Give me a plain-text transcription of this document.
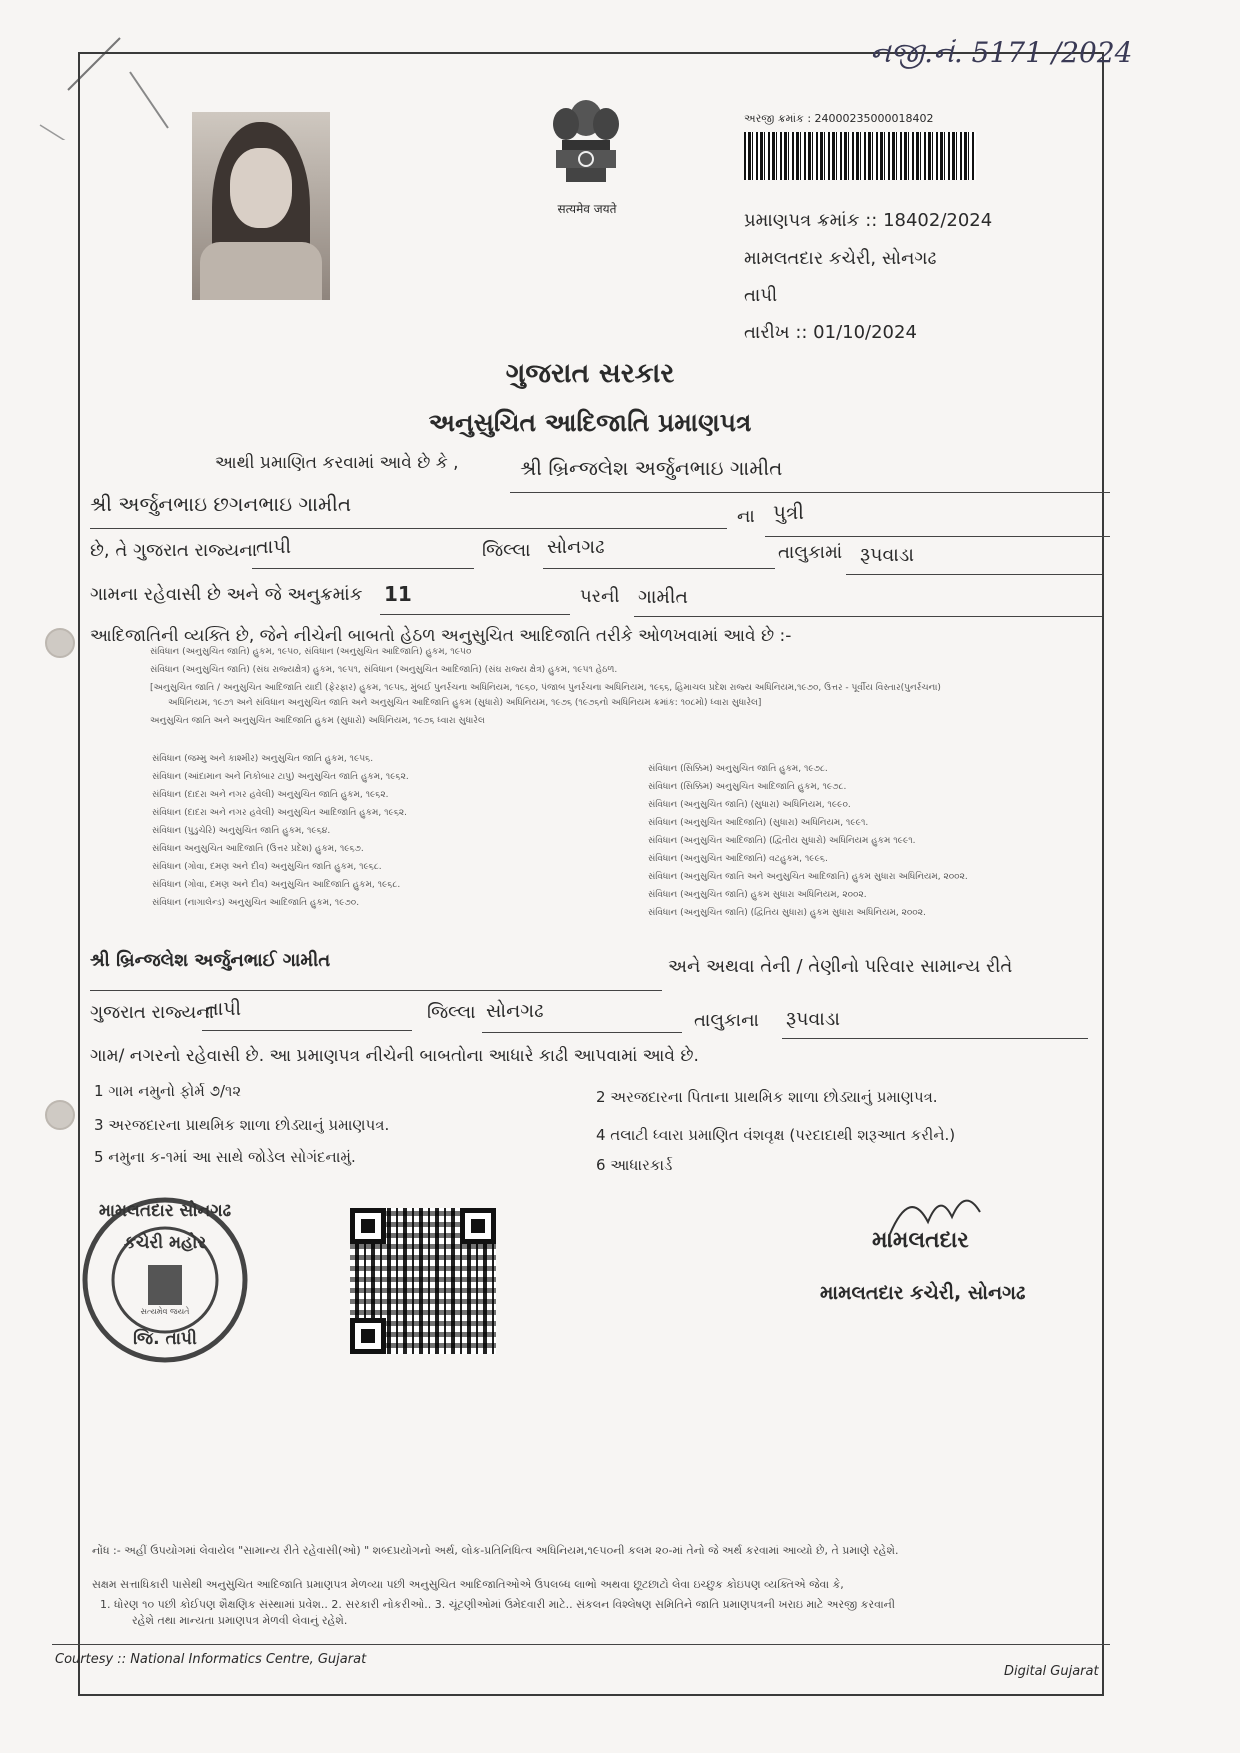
નજી.નં. 5171 /2024
सत्यमेव जयते
અરજી ક્રમાંક : 24000235000018402
પ્રમાણપત્ર ક્રમાંક :: 18402/2024
મામલતદાર કચેરી, સોનગઢ
તાપી
તારીખ :: 01/10/2024
ગુજરાત સરકાર
અનુસુચિત આદિજાતિ પ્રમાણપત્ર
આથી પ્રમાણિત કરવામાં આવે છે કે ,	શ્રી બ્રિન્જલેશ અર્જુનભાઇ ગામીત
શ્રી અર્જુનભાઇ છગનભાઇ ગામીત
ના પુત્રી
છે, તે ગુજરાત રાજ્યના
તાપી	જિલ્લા સોનગઢ	તાલુકામાં રૂપવાડા
ગામના રહેવાસી છે અને જે અનુક્રમાંક 11	પરની ગામીત
આદિજાતિની વ્યક્તિ છે, જેને નીચેની બાબતો હેઠળ અનુસુચિત આદિજાતિ તરીકે ઓળખવામાં આવે છે :-
સંવિધાન (અનુસુચિત જાતિ) હુકમ, ૧૯૫૦, સંવિધાન (અનુસુચિત આદિજાતિ) હુકમ, ૧૯૫૦
સંવિધાન (અનુસુચિત જાતિ) (સંઘ રાજ્યક્ષેત્ર) હુકમ, ૧૯૫૧, સંવિધાન (અનુસુચિત આદિજાતિ) (સંઘ રાજ્ય ક્ષેત્ર) હુકમ, ૧૯૫૧ હેઠળ.
[અનુસુચિત જાતિ / અનુસુચિત આદિજાતિ યાદી (ફેરફાર) હુકમ, ૧૯૫૬, મુંબઈ પુનર્રચના અધિનિયમ, ૧૯૬૦, પંજાબ પુનર્રચના અધિનિયમ, ૧૯૬૬, હિમાચલ પ્રદેશ રાજ્ય અધિનિયમ,૧૯૭૦, ઉત્તર - પૂર્વીય વિસ્તાર(પુનર્રચના)
અધિનિયમ, ૧૯૭૧ અને સંવિધાન અનુસુચિત જાતિ અને અનુસુચિત આદિજાતિ હુકમ (સુધારો) અધિનિયમ, ૧૯૭૬ (૧૯૭૬નો અધિનિયમ ક્રમાંક: ૧૦૮મો) ધ્વારા સુધારેલ]
અનુસુચિત જાતિ અને અનુસુચિત આદિજાતિ હુકમ (સુધારો) અધિનિયમ, ૧૯૭૬ ધ્વારા સુધારેલ
સંવિધાન (જમ્મુ અને કાશ્મીર) અનુસુચિત જાતિ હુકમ, ૧૯૫૬.
સંવિધાન (આંદામાન અને નિકોબાર ટાપુ) અનુસુચિત જાતિ હુકમ, ૧૯૬૨.
સંવિધાન (દાદરા અને નગર હવેલી) અનુસુચિત જાતિ હુકમ, ૧૯૬૨.
સંવિધાન (દાદરા અને નગર હવેલી) અનુસુચિત આદિજાતિ હુકમ, ૧૯૬૨.
સંવિધાન (પુડુચેરિ) અનુસુચિત જાતિ હુકમ, ૧૯૬૪.
સંવિધાન અનુસુચિત આદિજાતિ (ઉત્તર પ્રદેશ) હુકમ, ૧૯૬૭.
સંવિધાન (ગોવા, દમણ અને દીવ) અનુસુચિત જાતિ હુકમ, ૧૯૬૮.
સંવિધાન (ગોવા, દમણ અને દીવ) અનુસુચિત આદિજાતિ હુકમ, ૧૯૬૮.
સંવિધાન (નાગાલેન્ડ) અનુસુચિત આદિજાતિ હુકમ, ૧૯૭૦.
સંવિધાન (સિક્કિમ) અનુસુચિત જાતિ હુકમ, ૧૯૭૮.
સંવિધાન (સિક્કિમ) અનુસુચિત આદિજાતિ હુકમ, ૧૯૭૮.
સંવિધાન (અનુસુચિત જાતિ) (સુધારા) અધિનિયમ, ૧૯૯૦.
સંવિધાન (અનુસુચિત આદિજાતિ) (સુધારા) અધિનિયમ, ૧૯૯૧.
સંવિધાન (અનુસુચિત આદિજાતિ) (દ્વિતીય સુધારો) અધિનિયમ હુકમ ૧૯૯૧.
સંવિધાન (અનુસુચિત આદિજાતિ) વટહુકમ, ૧૯૯૬.
સંવિધાન (અનુસુચિત જાતિ અને અનુસુચિત આદિજાતિ) હુકમ સુધારા અધિનિયમ, ૨૦૦૨.
સંવિધાન (અનુસુચિત જાતિ) હુકમ સુધારા અધિનિયમ, ૨૦૦૨.
સંવિધાન (અનુસુચિત જાતિ) (દ્વિતિય સુધારા) હુકમ સુધારા અધિનિયમ, ૨૦૦૨.
શ્રી બ્રિન્જલેશ અર્જુનભાઈ ગામીત	અને અથવા તેની / તેણીનો પરિવાર સામાન્ય રીતે
ગુજરાત રાજ્યના
તાપી	જિલ્લા સોનગઢ	તાલુકાના રૂપવાડા
ગામ/ નગરનો રહેવાસી છે. આ પ્રમાણપત્ર નીચેની બાબતોના આધારે કાઢી આપવામાં આવે છે.
1 ગામ નમુનો ફોર્મ ૭/૧૨	2 અરજદારના પિતાના પ્રાથમિક શાળા છોડ્યાનું પ્રમાણપત્ર.
3 અરજદારના પ્રાથમિક શાળા છોડ્યાનું પ્રમાણપત્ર.
4 તલાટી ધ્વારા પ્રમાણિત વંશવૃક્ષ (પરદાદાથી શરૂઆત કરીને.)
5 નમુના ક-૧માં આ સાથે જોડેલ સોગંદનામું.	6 આધારકાર્ડ
મામલતદાર સોનગઢ
કચેરી મહોર
સત્યમેવ જયતે
જિ. તાપી
મામલતદાર
મામલતદાર કચેરી, સોનગઢ
નોંધ :- અહીં ઉપયોગમાં લેવાયેલ "સામાન્ય રીતે રહેવાસી(ઓ) " શબ્દપ્રયોગનો અર્થ, લોક-પ્રતિનિધિત્વ અધિનિયમ,૧૯૫૦ની કલમ ૨૦-માં તેનો જે અર્થ કરવામાં આવ્યો છે, તે પ્રમાણે રહેશે.
સક્ષમ સત્તાધિકારી પાસેથી અનુસુચિત આદિજાતિ પ્રમાણપત્ર મેળવ્યા પછી અનુસુચિત આદિજાતિઓએ ઉપલબ્ધ લાભો અથવા છૂટછાટો લેવા ઇચ્છુક કોઇપણ વ્યક્તિએ જેવા કે,
1. ધોરણ ૧૦ પછી કોઈપણ શૈક્ષણિક સંસ્થામાં પ્રવેશ.. 2. સરકારી નોકરીઓ.. 3. ચૂંટણીઓમાં ઉમેદવારી માટે.. સંકલન વિશ્લેષણ સમિતિને જાતિ પ્રમાણપત્રની ખરાઇ માટે અરજી કરવાની
રહેશે તથા માન્યતા પ્રમાણપત્ર મેળવી લેવાનું રહેશે.
Courtesy :: National Informatics Centre, Gujarat
Digital Gujarat
